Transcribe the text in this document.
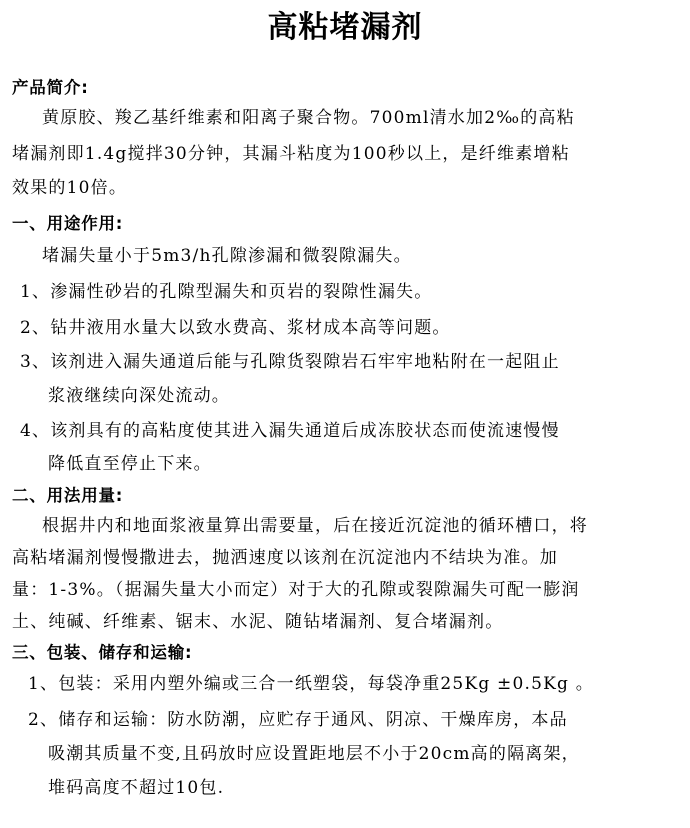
高粘堵漏剂
产品简介:
黄原胶、羧乙基纤维素和阳离子聚合物。700ml清水加2‰的高粘
堵漏剂即1.4g搅拌30分钟，其漏斗粘度为100秒以上，是纤维素增粘
效果的10倍。
一、用途作用:
堵漏失量小于5m3/h孔隙渗漏和微裂隙漏失。
1、渗漏性砂岩的孔隙型漏失和页岩的裂隙性漏失。
2、钻井液用水量大以致水费高、浆材成本高等问题。
3、该剂进入漏失通道后能与孔隙货裂隙岩石牢牢地粘附在一起阻止
浆液继续向深处流动。
4、该剂具有的高粘度使其进入漏失通道后成冻胶状态而使流速慢慢
降低直至停止下来。
二、用法用量:
根据井内和地面浆液量算出需要量，后在接近沉淀池的循环槽口，将
高粘堵漏剂慢慢撒进去，抛洒速度以该剂在沉淀池内不结块为准。加
量：1-3%。（据漏失量大小而定）对于大的孔隙或裂隙漏失可配一膨润
土、纯碱、纤维素、锯末、水泥、随钻堵漏剂、复合堵漏剂。
三、包装、储存和运输:
1、包装：采用内塑外编或三合一纸塑袋，每袋净重25Kg ±0.5Kg 。
2、储存和运输：防水防潮，应贮存于通风、阴凉、干燥库房，本品
吸潮其质量不变,且码放时应设置距地层不小于20cm高的隔离架，
堆码高度不超过10包.
